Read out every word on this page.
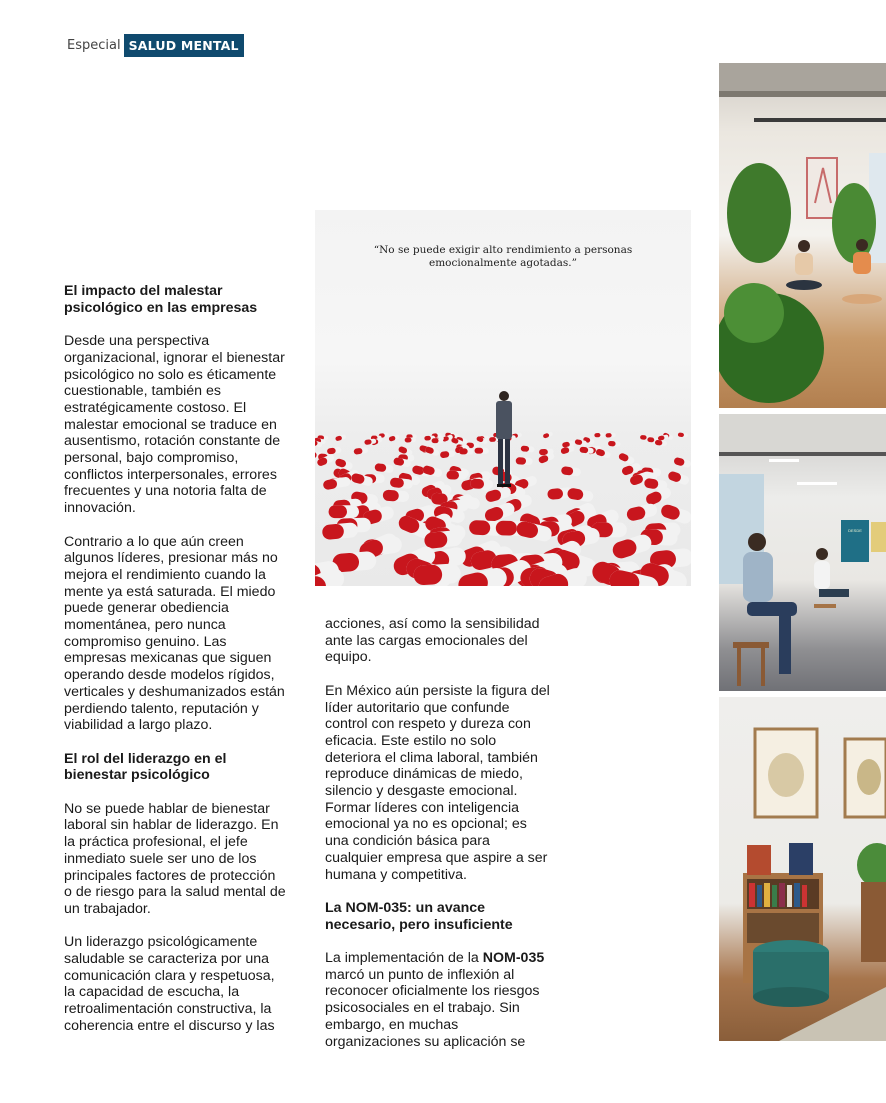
Especial SALUD MENTAL
El impacto del malestar psicológico en las empresas

Desde una perspectiva organizacional, ignorar el bienestar psicológico no solo es éticamente cuestionable, también es estratégicamente costoso. El malestar emocional se traduce en ausentismo, rotación constante de personal, bajo compromiso, conflictos interpersonales, errores frecuentes y una notoria falta de innovación.

Contrario a lo que aún creen algunos líderes, presionar más no mejora el rendimiento cuando la mente ya está saturada. El miedo puede generar obediencia momentánea, pero nunca compromiso genuino. Las empresas mexicanas que siguen operando desde modelos rígidos, verticales y deshumanizados están perdiendo talento, reputación y viabilidad a largo plazo.

El rol del liderazgo en el bienestar psicológico

No se puede hablar de bienestar laboral sin hablar de liderazgo. En la práctica profesional, el jefe inmediato suele ser uno de los principales factores de protección o de riesgo para la salud mental de un trabajador.

Un liderazgo psicológicamente saludable se caracteriza por una comunicación clara y respetuosa, la capacidad de escucha, la retroalimentación constructiva, la coherencia entre el discurso y las

“No se puede exigir alto rendimiento a personas
emocionalmente agotadas.”

acciones, así como la sensibilidad ante las cargas emocionales del equipo.

En México aún persiste la figura del líder autoritario que confunde control con respeto y dureza con eficacia. Este estilo no solo deteriora el clima laboral, también reproduce dinámicas de miedo, silencio y desgaste emocional. Formar líderes con inteligencia emocional ya no es opcional; es una condición básica para cualquier empresa que aspire a ser humana y competitiva.

La NOM-035: un avance necesario, pero insuficiente

La implementación de la NOM-035 marcó un punto de inflexión al reconocer oficialmente los riesgos psicosociales en el trabajo. Sin embargo, en muchas organizaciones su aplicación se

DESDE
